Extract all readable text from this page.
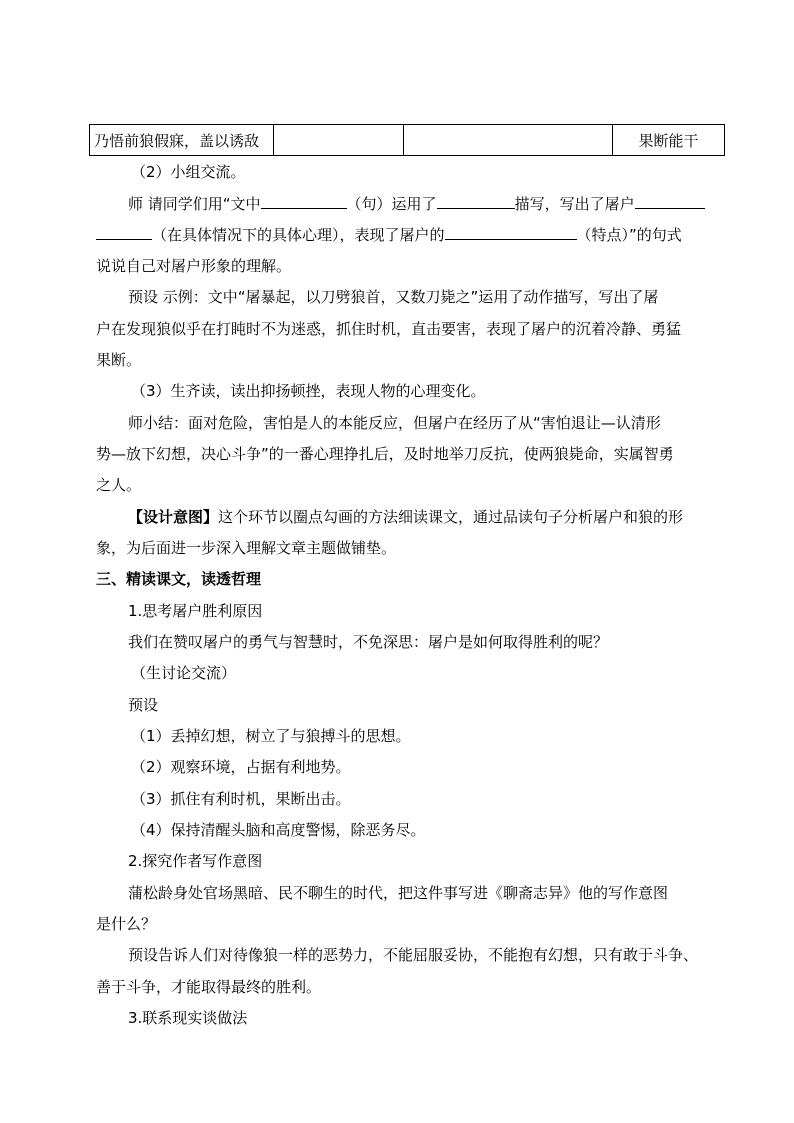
乃悟前狼假寐，盖以诱敌			果断能干
（2）小组交流。
师 请同学们用“文中	（句）运用了	描写，写出了屠户
（在具体情况下的具体心理），表现了屠户的	（特点）”的句式
说说自己对屠户形象的理解。
预设 示例：文中“屠暴起，以刀劈狼首，又数刀毙之”运用了动作描写，写出了屠
户在发现狼似乎在打盹时不为迷惑，抓住时机，直击要害，表现了屠户的沉着冷静、勇猛
果断。
（3）生齐读，读出抑扬顿挫，表现人物的心理变化。
师小结：面对危险，害怕是人的本能反应，但屠户在经历了从“害怕退让—认清形
势—放下幻想，决心斗争”的一番心理挣扎后，及时地举刀反抗，使两狼毙命，实属智勇
之人。
【设计意图】这个环节以圈点勾画的方法细读课文，通过品读句子分析屠户和狼的形
象，为后面进一步深入理解文章主题做铺垫。
三、精读课文，读透哲理
1.思考屠户胜利原因
我们在赞叹屠户的勇气与智慧时，不免深思：屠户是如何取得胜利的呢？
（生讨论交流）
预设
（1）丢掉幻想，树立了与狼搏斗的思想。
（2）观察环境，占据有利地势。
（3）抓住有利时机，果断出击。
（4）保持清醒头脑和高度警惕，除恶务尽。
2.探究作者写作意图
蒲松龄身处官场黑暗、民不聊生的时代，把这件事写进《聊斋志异》他的写作意图
是什么？
预设告诉人们对待像狼一样的恶势力，不能屈服妥协，不能抱有幻想，只有敢于斗争、
善于斗争，才能取得最终的胜利。
3.联系现实谈做法
